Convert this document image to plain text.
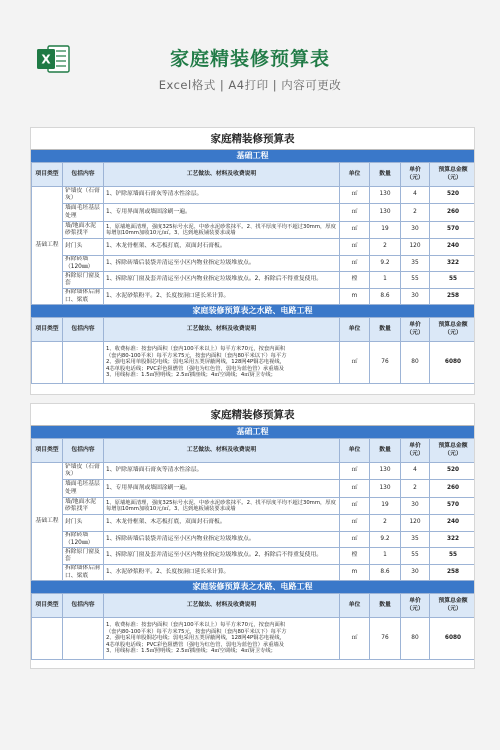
X	家庭精装修预算表
Excel格式 | A4打印 | 内容可更改
家庭精装修预算表
基础工程
项目类型	包括内容	工艺做法、材料及收费说明	单位	数量	单价（元）	预算总金额（元）
基础工程	铲墙皮（石膏灰）	1、铲除原墙面石膏灰等清水性涂层。	㎡	130	4	520
	墙面毛坯基层处理	1、专用界面剂或墙固涂刷一遍。	㎡	130	2	260
	墙/地面水泥砂浆找平	1、原墙地面清理，强度325标号水泥、中砂水泥砂浆抹平。2、找平厚度平均不超过30mm，厚度每增加10mm加收10元/㎡。3、达到地板铺装要求或墙	㎡	19	30	570
	封门头	1、木龙骨框架、木芯板打底，双面封石膏板。	㎡	2	120	240
	拆除砖墙（120㎜）	1、拆除砖墙后装袋并清运至小区内物业指定垃圾堆放点。	㎡	9.2	35	322
	拆除原门窗及套	1、拆除原门窗及套并清运至小区内物业指定垃圾堆放点。2、拆除后不得重复使用。	樘	1	55	55
	拆除墙体后洞口、梁底	1、水泥砂浆粉平。2、长度按洞口延长米计算。	m	8.6	30	258
家庭装修预算表之水路、电路工程
项目类型	包括内容	工艺做法、材料及收费说明	单位	数量	单价（元）	预算总金额（元）

		1、收费标准：按套内面积（套内100平米以上）每平方米70元，按套内面积
（套内80-100平米）每平方米75元，按套内面积（套内80平米以下）每平方
2、强电采用单股铜芯电线；弱电采用五类屏蔽网线，128网4P铜芯电视线，
4芯单股电话线；PVC彩色阻燃管（强电为红色管，弱电为蓝色管）承重墙及
3、用线标准：1.5㎡照明线；2.5㎡插座线；4㎡空调线；4㎡厨卫专线；	㎡	76	80	6080
家庭精装修预算表
基础工程
项目类型	包括内容	工艺做法、材料及收费说明	单位	数量	单价（元）	预算总金额（元）
基础工程	铲墙皮（石膏灰）	1、铲除原墙面石膏灰等清水性涂层。	㎡	130	4	520
	墙面毛坯基层处理	1、专用界面剂或墙固涂刷一遍。	㎡	130	2	260
	墙/地面水泥砂浆找平	1、原墙地面清理，强度325标号水泥、中砂水泥砂浆抹平。2、找平厚度平均不超过30mm，厚度每增加10mm加收10元/㎡。3、达到地板铺装要求或墙	㎡	19	30	570
	封门头	1、木龙骨框架、木芯板打底，双面封石膏板。	㎡	2	120	240
	拆除砖墙（120㎜）	1、拆除砖墙后装袋并清运至小区内物业指定垃圾堆放点。	㎡	9.2	35	322
	拆除原门窗及套	1、拆除原门窗及套并清运至小区内物业指定垃圾堆放点。2、拆除后不得重复使用。	樘	1	55	55
	拆除墙体后洞口、梁底	1、水泥砂浆粉平。2、长度按洞口延长米计算。	m	8.6	30	258
家庭装修预算表之水路、电路工程
项目类型	包括内容	工艺做法、材料及收费说明	单位	数量	单价（元）	预算总金额（元）

		1、收费标准：按套内面积（套内100平米以上）每平方米70元，按套内面积
（套内80-100平米）每平方米75元，按套内面积（套内80平米以下）每平方
2、强电采用单股铜芯电线；弱电采用五类屏蔽网线，128网4P铜芯电视线，
4芯单股电话线；PVC彩色阻燃管（强电为红色管，弱电为蓝色管）承重墙及
3、用线标准：1.5㎡照明线；2.5㎡插座线；4㎡空调线；4㎡厨卫专线；	㎡	76	80	6080
